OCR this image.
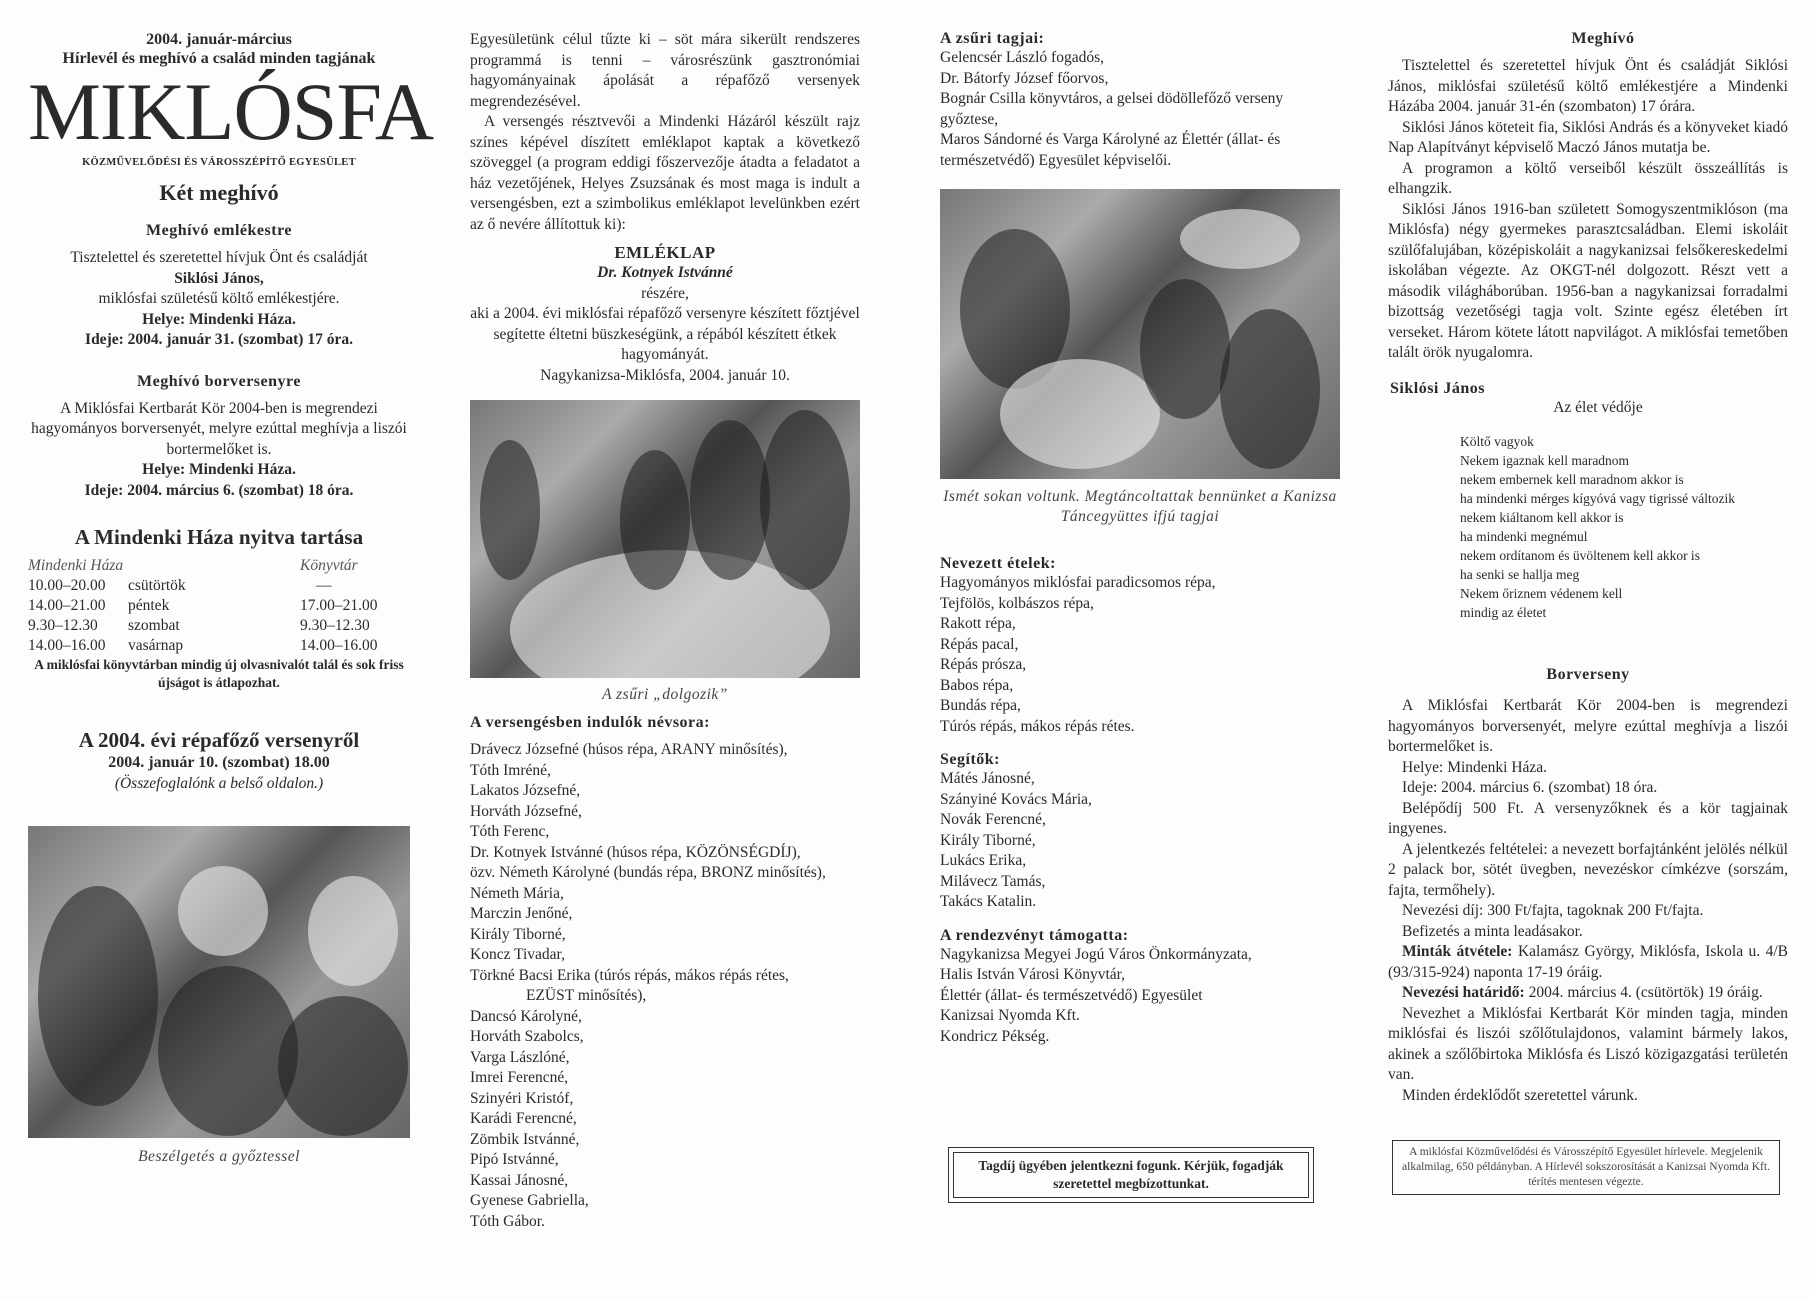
2004. január-március
Hírlevél és meghívó a család minden tagjának
MIKLÓSFA
KÖZMŰVELŐDÉSI ÉS VÁROSSZÉPÍTŐ EGYESÜLET
Két meghívó
Meghívó emlékestre

Tisztelettel és szeretettel hívjuk Önt és családját

Siklósi János,

miklósfai születésű költő emlékestjére.

Helye: Mindenki Háza.

Ideje: 2004. január 31. (szombat) 17 óra.

Meghívó borversenyre

A Miklósfai Kertbarát Kör 2004-ben is megrendezi hagyományos borversenyét, melyre ezúttal meghívja a liszói bortermelőket is.

Helye: Mindenki Háza.

Ideje: 2004. március 6. (szombat) 18 óra.

A Mindenki Háza nyitva tartása
Mindenki Háza		Könyvtár
10.00–20.00	csütörtök	—
14.00–21.00	péntek	17.00–21.00
9.30–12.30	szombat	9.30–12.30
14.00–16.00	vasárnap	14.00–16.00

A miklósfai könyvtárban mindig új olvasnivalót talál és sok friss újságot is átlapozhat.

A 2004. évi répafőző versenyről

2004. január 10. (szombat) 18.00

(Összefoglalónk a belső oldalon.)

Beszélgetés a győztessel

Egyesületünk célul tűzte ki – söt mára sikerült rendszeres programmá is tenni – városrészünk gasztronómiai hagyományainak ápolását a répafőző versenyek megrendezésével.

A versengés résztvevői a Mindenki Házáról készült rajz színes képével díszített emléklapot kaptak a következő szöveggel (a program eddigi főszervezője átadta a feladatot a ház vezetőjének, Helyes Zsuzsának és most maga is indult a versengésben, ezt a szimbolikus emléklapot levelünkben ezért az ő nevére állítottuk ki):

EMLÉKLAP

Dr. Kotnyek Istvánné

részére,

aki a 2004. évi miklósfai répafőző versenyre készített főztjével segítette éltetni büszkeségünk, a répából készített étkek hagyományát.

Nagykanizsa-Miklósfa, 2004. január 10.

A zsűri „dolgozik”
A versengésben indulók névsora:
Drávecz Józsefné (húsos répa, ARANY minősítés),
Tóth Imréné,
Lakatos Józsefné,
Horváth Józsefné,
Tóth Ferenc,
Dr. Kotnyek Istvánné (húsos répa, KÖZÖNSÉGDÍJ),
özv. Németh Károlyné (bundás répa, BRONZ minősítés),
Németh Mária,
Marczin Jenőné,
Király Tiborné,
Koncz Tivadar,
Törkné Bacsi Erika (túrós répás, mákos répás rétes,
EZÜST minősítés),
Dancsó Károlyné,
Horváth Szabolcs,
Varga Lászlóné,
Imrei Ferencné,
Szinyéri Kristóf,
Karádi Ferencné,
Zömbik Istvánné,
Pipó Istvánné,
Kassai Jánosné,
Gyenese Gabriella,
Tóth Gábor.
A zsűri tagjai:
Gelencsér László fogadós,
Dr. Bátorfy József főorvos,
Bognár Csilla könyvtáros, a gelsei dödöllefőző verseny győztese,
Maros Sándorné és Varga Károlyné az Élettér (állat- és természetvédő) Egyesület képviselői.
Ismét sokan voltunk. Megtáncoltattak bennünket a Kanizsa Táncegyüttes ifjú tagjai
Nevezett ételek:
Hagyományos miklósfai paradicsomos répa,
Tejfölös, kolbászos répa,
Rakott répa,
Répás pacal,
Répás prósza,
Babos répa,
Bundás répa,
Túrós répás, mákos répás rétes.
Segítők:
Mátés Jánosné,
Szányiné Kovács Mária,
Novák Ferencné,
Király Tiborné,
Lukács Erika,
Milávecz Tamás,
Takács Katalin.
A rendezvényt támogatta:
Nagykanizsa Megyei Jogú Város Önkormányzata,
Halis István Városi Könyvtár,
Élettér (állat- és természetvédő) Egyesület
Kanizsai Nyomda Kft.
Kondricz Pékség.
Tagdíj ügyében jelentkezni fogunk. Kérjük, fogadják szeretettel megbízottunkat.
Meghívó

Tisztelettel és szeretettel hívjuk Önt és családját Siklósi János, miklósfai születésű költő emlékestjére a Mindenki Házába 2004. január 31-én (szombaton) 17 órára.

Siklósi János köteteit fia, Siklósi András és a könyveket kiadó Nap Alapítványt képviselő Maczó János mutatja be.

A programon a költő verseiből készült összeállítás is elhangzik.

Siklósi János 1916-ban született Somogyszentmiklóson (ma Miklósfa) négy gyermekes parasztcsaládban. Elemi iskoláit szülőfalujában, középiskoláit a nagykanizsai felsőkereskedelmi iskolában végezte. Az OKGT-nél dolgozott. Részt vett a második világháborúban. 1956-ban a nagykanizsai forradalmi bizottság vezetőségi tagja volt. Szinte egész életében írt verseket. Három kötete látott napvilágot. A miklósfai temetőben talált örök nyugalomra.

Siklósi János

Az élet védője

Költő vagyok
Nekem igaznak kell maradnom
nekem embernek kell maradnom akkor is
ha mindenki mérges kígyóvá vagy tigrissé változik
nekem kiáltanom kell akkor is
ha mindenki megnémul
nekem ordítanom és üvöltenem kell akkor is
ha senki se hallja meg
Nekem őriznem védenem kell
mindig az életet
Borverseny

A Miklósfai Kertbarát Kör 2004-ben is megrendezi hagyományos borversenyét, melyre ezúttal meghívja a liszói bortermelőket is.

Helye: Mindenki Háza.

Ideje: 2004. március 6. (szombat) 18 óra.

Belépődíj 500 Ft. A versenyzőknek és a kör tagjainak ingyenes.

A jelentkezés feltételei: a nevezett borfajtánként jelölés nélkül 2 palack bor, sötét üvegben, nevezéskor címkézve (sorszám, fajta, termőhely).

Nevezési díj: 300 Ft/fajta, tagoknak 200 Ft/fajta.

Befizetés a minta leadásakor.

Minták átvétele: Kalamász György, Miklósfa, Iskola u. 4/B (93/315-924) naponta 17-19 óráig.

Nevezési határidő: 2004. március 4. (csütörtök) 19 óráig.

Nevezhet a Miklósfai Kertbarát Kör minden tagja, minden miklósfai és liszói szőlőtulajdonos, valamint bármely lakos, akinek a szőlőbirtoka Miklósfa és Liszó közigazgatási területén van.

Minden érdeklődőt szeretettel várunk.

A miklósfai Közművelődési és Városszépítő Egyesület hírlevele. Megjelenik alkalmilag, 650 példányban. A Hírlevél sokszorosítását a Kanizsai Nyomda Kft. térítés mentesen végezte.
